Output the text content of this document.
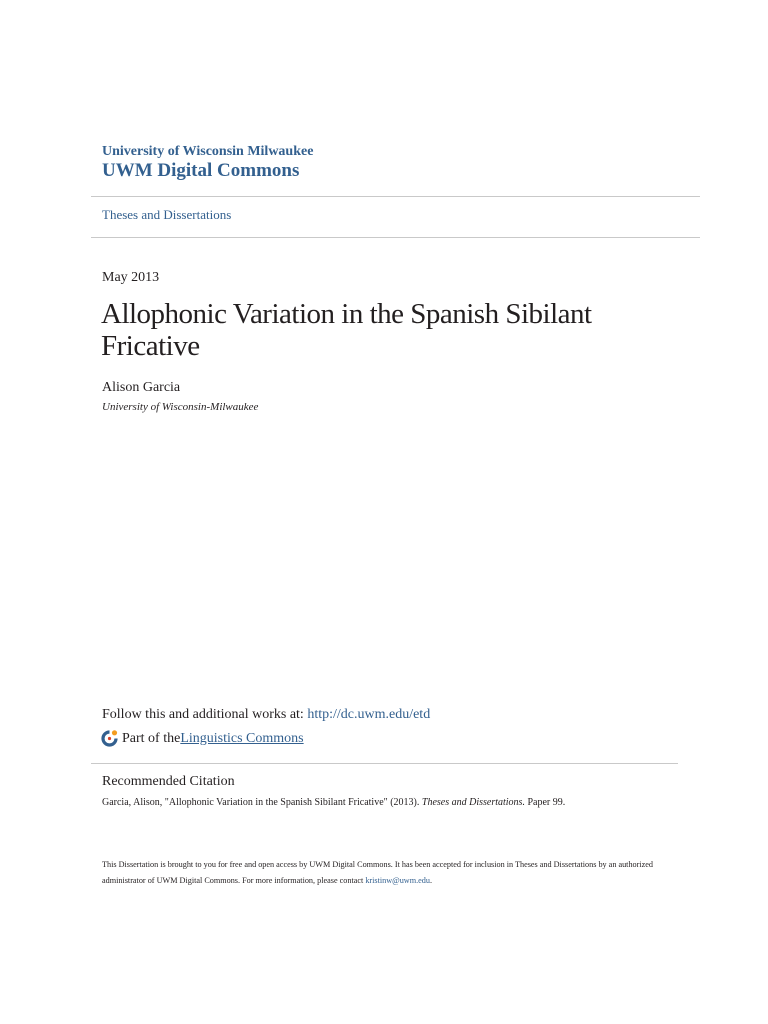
University of Wisconsin Milwaukee
UWM Digital Commons
Theses and Dissertations
May 2013
Allophonic Variation in the Spanish Sibilant Fricative
Alison Garcia
University of Wisconsin-Milwaukee
Follow this and additional works at: http://dc.uwm.edu/etd
Part of the Linguistics Commons
Recommended Citation
Garcia, Alison, "Allophonic Variation in the Spanish Sibilant Fricative" (2013). Theses and Dissertations. Paper 99.
This Dissertation is brought to you for free and open access by UWM Digital Commons. It has been accepted for inclusion in Theses and Dissertations by an authorized administrator of UWM Digital Commons. For more information, please contact kristinw@uwm.edu.
